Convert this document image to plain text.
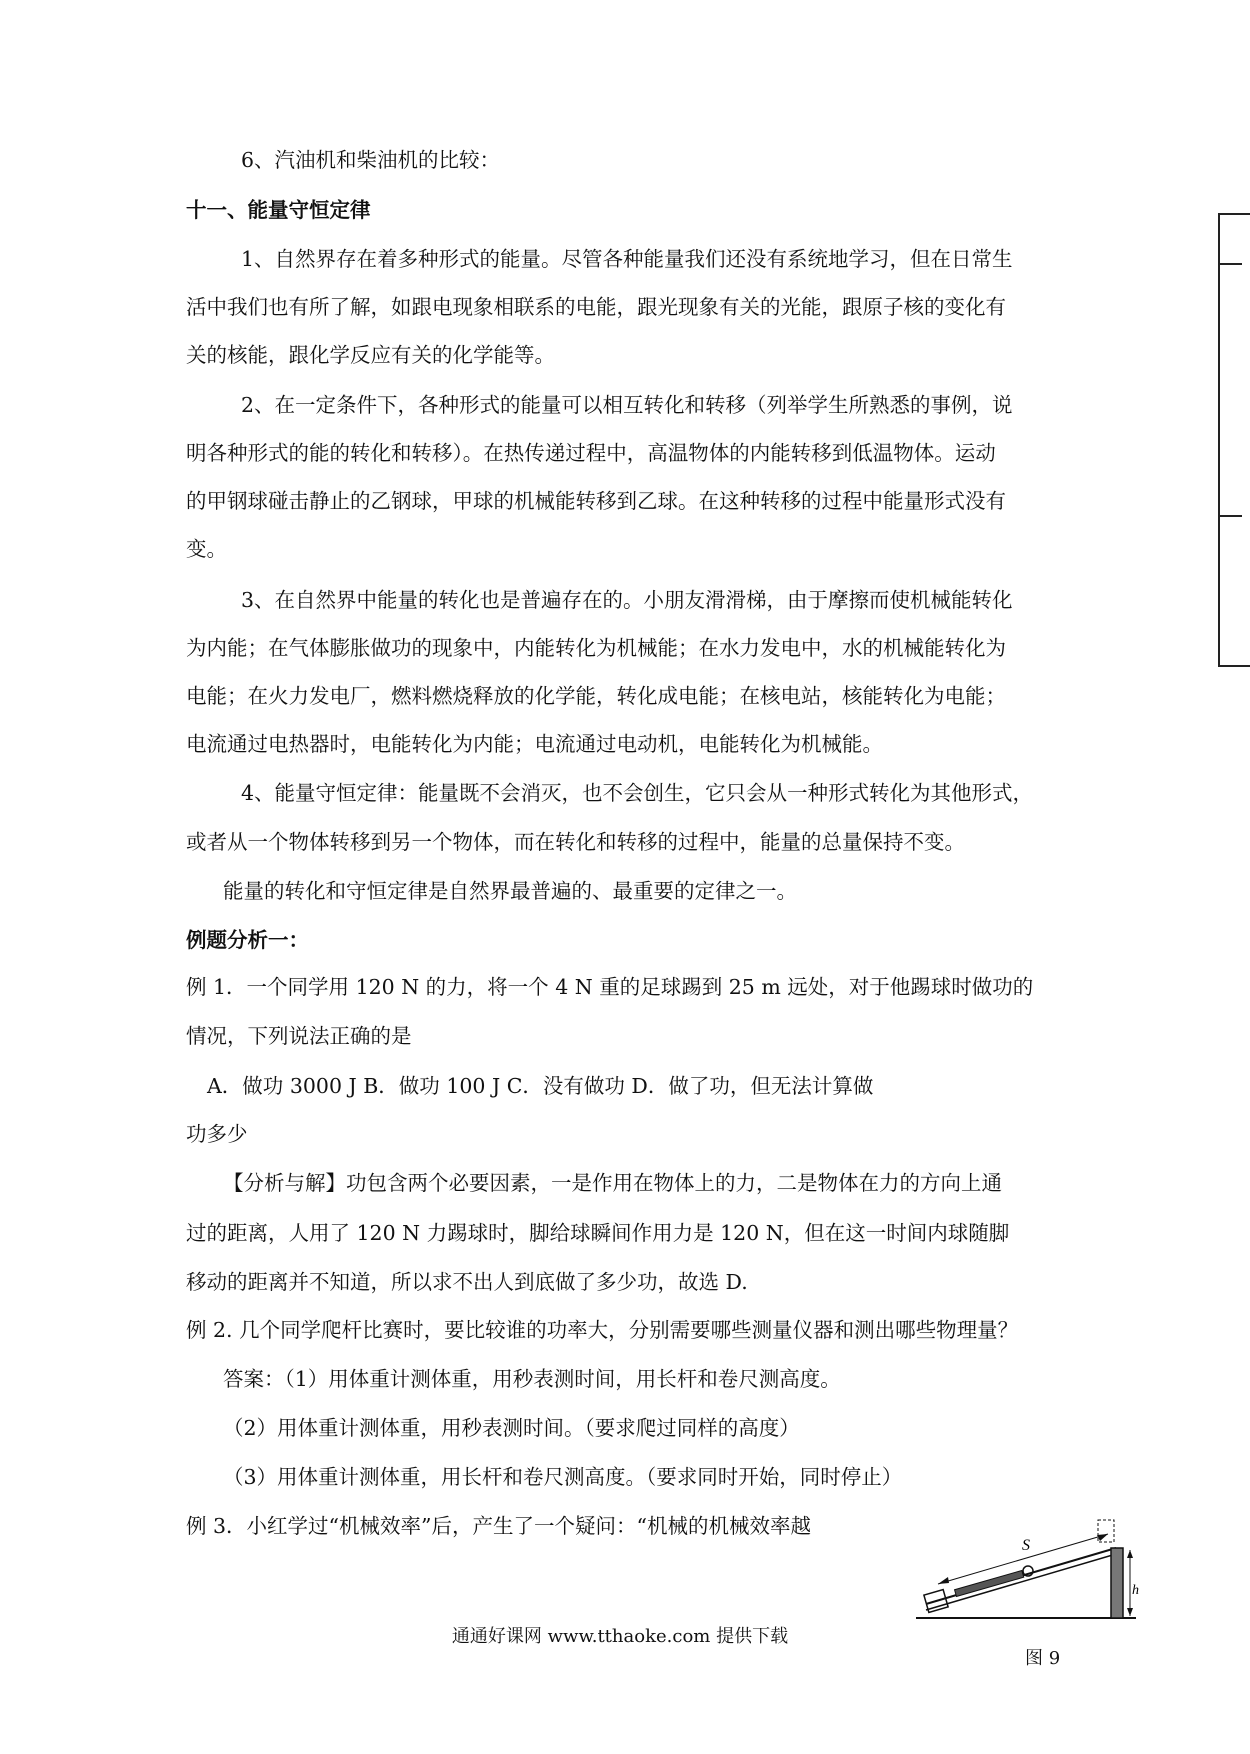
6、汽油机和柴油机的比较：
十一、能量守恒定律
1、自然界存在着多种形式的能量。尽管各种能量我们还没有系统地学习，但在日常生
活中我们也有所了解，如跟电现象相联系的电能，跟光现象有关的光能，跟原子核的变化有
关的核能，跟化学反应有关的化学能等。
2、在一定条件下，各种形式的能量可以相互转化和转移（列举学生所熟悉的事例，说
明各种形式的能的转化和转移）。在热传递过程中，高温物体的内能转移到低温物体。运动
的甲钢球碰击静止的乙钢球，甲球的机械能转移到乙球。在这种转移的过程中能量形式没有
变。
3、在自然界中能量的转化也是普遍存在的。小朋友滑滑梯，由于摩擦而使机械能转化
为内能；在气体膨胀做功的现象中，内能转化为机械能；在水力发电中，水的机械能转化为
电能；在火力发电厂，燃料燃烧释放的化学能，转化成电能；在核电站，核能转化为电能；
电流通过电热器时，电能转化为内能；电流通过电动机，电能转化为机械能。
4、能量守恒定律：能量既不会消灭，也不会创生，它只会从一种形式转化为其他形式，
或者从一个物体转移到另一个物体，而在转化和转移的过程中，能量的总量保持不变。
能量的转化和守恒定律是自然界最普遍的、最重要的定律之一。
例题分析一：
例 1．一个同学用 120 N 的力，将一个 4 N 重的足球踢到 25 m 远处，对于他踢球时做功的
情况，下列说法正确的是
A．做功 3000 J B．做功 100 J C．没有做功 D．做了功，但无法计算做
功多少
【分析与解】功包含两个必要因素，一是作用在物体上的力，二是物体在力的方向上通
过的距离，人用了 120 N 力踢球时，脚给球瞬间作用力是 120 N，但在这一时间内球随脚
移动的距离并不知道，所以求不出人到底做了多少功，故选 D.
例 2. 几个同学爬杆比赛时，要比较谁的功率大，分别需要哪些测量仪器和测出哪些物理量？
答案：（1）用体重计测体重，用秒表测时间，用长杆和卷尺测高度。
（2）用体重计测体重，用秒表测时间。（要求爬过同样的高度）
（3）用体重计测体重，用长杆和卷尺测高度。（要求同时开始，同时停止）
例 3．小红学过“机械效率”后，产生了一个疑问：“机械的机械效率越
S
h
图 9
通通好课网 www.tthaoke.com 提供下载
